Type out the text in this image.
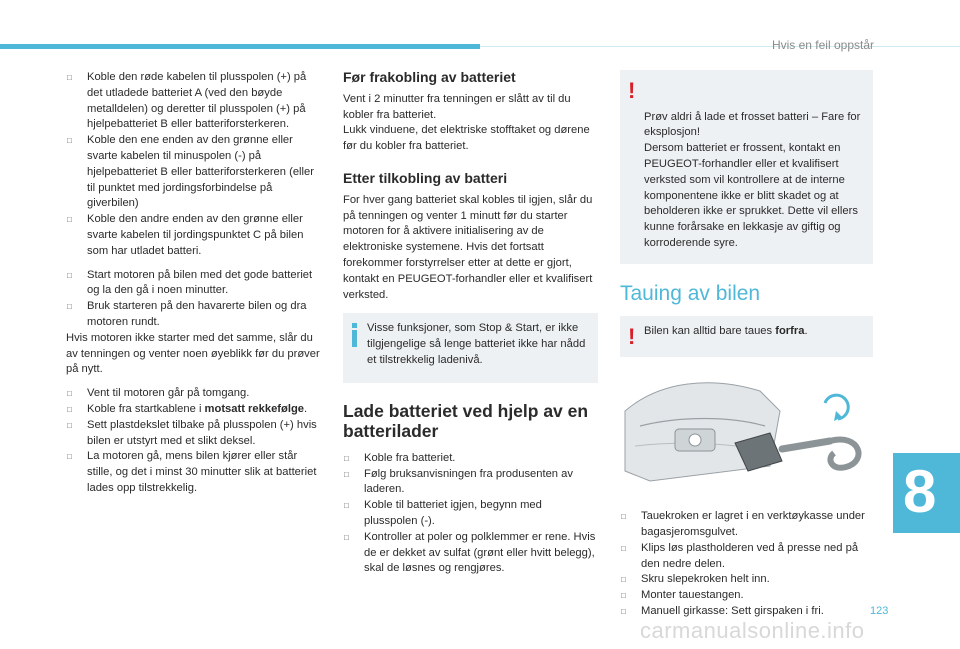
Hvis en feil oppstår

□ Koble den røde kabelen til plusspolen (+) på det utladede batteriet A (ved den bøyde metalldelen) og deretter til plusspolen (+) på hjelpebatteriet B eller batteriforsterkeren.

□ Koble den ene enden av den grønne eller svarte kabelen til minuspolen (-) på hjelpebatteriet B eller batteriforsterkeren (eller til punktet med jordingsforbindelse på giverbilen)

□ Koble den andre enden av den grønne eller svarte kabelen til jordingspunktet C på bilen som har utladet batteri.

□ Start motoren på bilen med det gode batteriet og la den gå i noen minutter.

□ Bruk starteren på den havarerte bilen og dra motoren rundt.

Hvis motoren ikke starter med det samme, slår du av tenningen og venter noen øyeblikk før du prøver på nytt.

□ Vent til motoren går på tomgang.

□ Koble fra startkablene i motsatt rekkefølge.

□ Sett plastdekslet tilbake på plusspolen (+) hvis bilen er utstyrt med et slikt deksel.

□ La motoren gå, mens bilen kjører eller står stille, og det i minst 30 minutter slik at batteriet lades opp tilstrekkelig.

Før frakobling av batteriet

Vent i 2 minutter fra tenningen er slått av til du kobler fra batteriet.

Lukk vinduene, det elektriske stofftaket og dørene før du kobler fra batteriet.

Etter tilkobling av batteri

For hver gang batteriet skal kobles til igjen, slår du på tenningen og venter 1 minutt før du starter motoren for å aktivere initialisering av de elektroniske systemene. Hvis det fortsatt forekommer forstyrrelser etter at dette er gjort, kontakt en PEUGEOT-forhandler eller et kvalifisert verksted.

Visse funksjoner, som Stop & Start, er ikke tilgjengelige så lenge batteriet ikke har nådd et tilstrekkelig ladenivå.
Lade batteriet ved hjelp av en batterilader

□ Koble fra batteriet.

□ Følg bruksanvisningen fra produsenten av laderen.

□ Koble til batteriet igjen, begynn med plusspolen (-).

□ Kontroller at poler og polklemmer er rene. Hvis de er dekket av sulfat (grønt eller hvitt belegg), skal de løsnes og rengjøres.

!

Prøv aldri å lade et frosset batteri – Fare for eksplosjon!
Dersom batteriet er frossent, kontakt en PEUGEOT-forhandler eller et kvalifisert verksted som vil kontrollere at de interne komponentene ikke er blitt skadet og at beholderen ikke er sprukket. Dette vil ellers kunne forårsake en lekkasje av giftig og korroderende syre.

Tauing av bilen
! Bilen kan alltid bare taues forfra.

□ Tauekroken er lagret i en verktøykasse under bagasjeromsgulvet.

□ Klips løs plastholderen ved å presse ned på den nedre delen.

□ Skru slepekroken helt inn.

□ Monter tauestangen.

□ Manuell girkasse: Sett girspaken i fri.

8
123
carmanualsonline.info
